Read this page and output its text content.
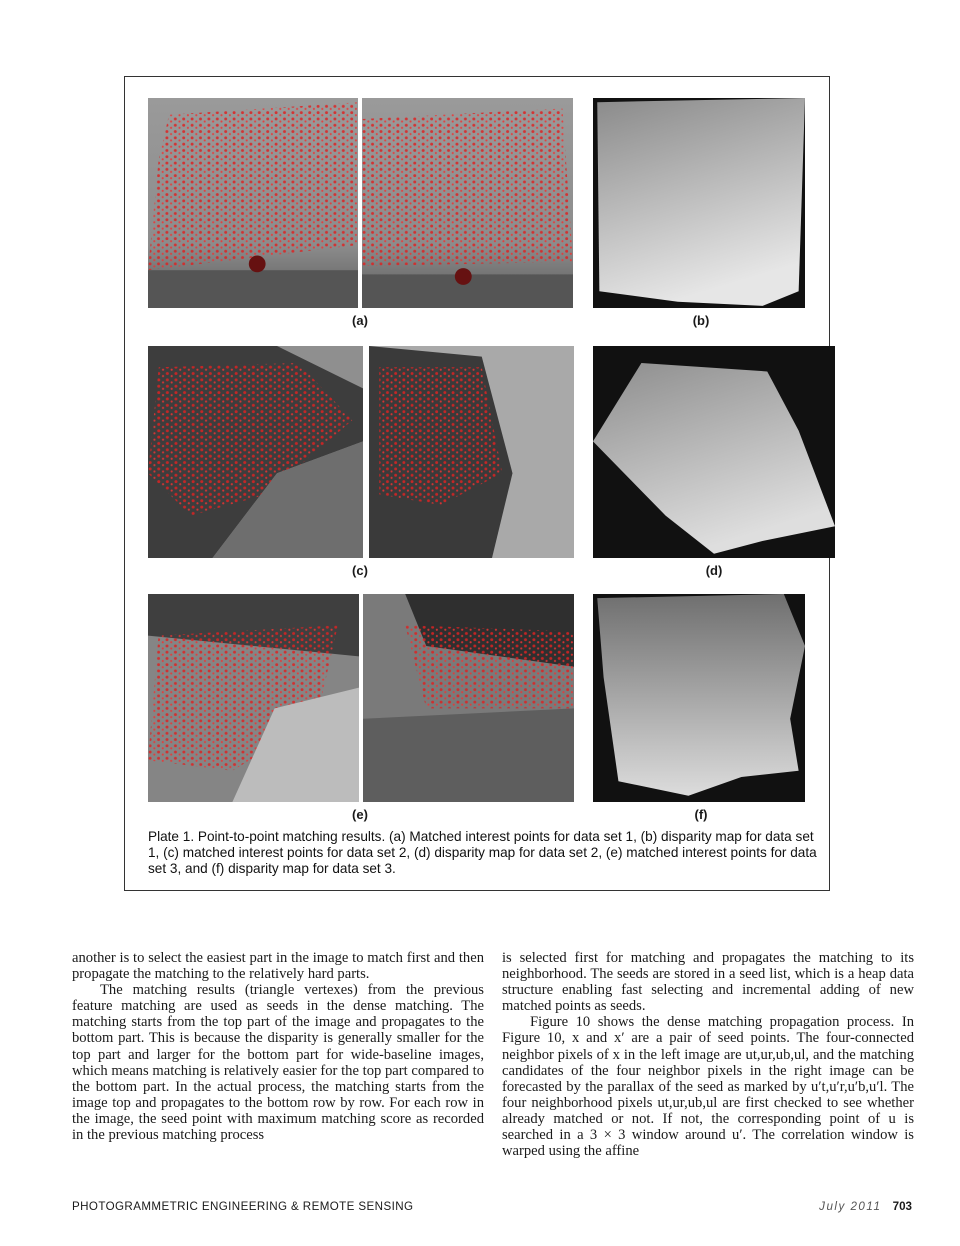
(a)	(b)
(c)	(d)
(e)	(f)
Plate 1. Point-to-point matching results. (a) Matched interest points for data set 1, (b) disparity map for data set 1, (c) matched interest points for data set 2, (d) disparity map for data set 2, (e) matched interest points for data set 3, and (f) disparity map for data set 3.

another is to select the easiest part in the image to match first and then propagate the matching to the relatively hard parts.

The matching results (triangle vertexes) from the previous feature matching are used as seeds in the dense matching. The matching starts from the top part of the image and propagates to the bottom part. This is because the disparity is generally smaller for the top part and larger for the bottom part for wide-baseline images, which means matching is relatively easier for the top part compared to the bottom part. In the actual process, the matching starts from the image top and propagates to the bottom row by row. For each row in the image, the seed point with maximum matching score as recorded in the previous matching process

is selected first for matching and propagates the matching to its neighborhood. The seeds are stored in a seed list, which is a heap data structure enabling fast selecting and incremental adding of new matched points as seeds.

Figure 10 shows the dense matching propagation process. In Figure 10, x and x′ are a pair of seed points. The four-connected neighbor pixels of x in the left image are ut,ur,ub,ul, and the matching candidates of the four neighbor pixels in the right image can be forecasted by the parallax of the seed as marked by u′t,u′r,u′b,u′l. The four neighborhood pixels ut,ur,ub,ul are first checked to see whether already matched or not. If not, the corresponding point of u is searched in a 3 × 3 window around u′. The correlation window is warped using the affine

PHOTOGRAMMETRIC ENGINEERING & REMOTE SENSING	July 2011 703
